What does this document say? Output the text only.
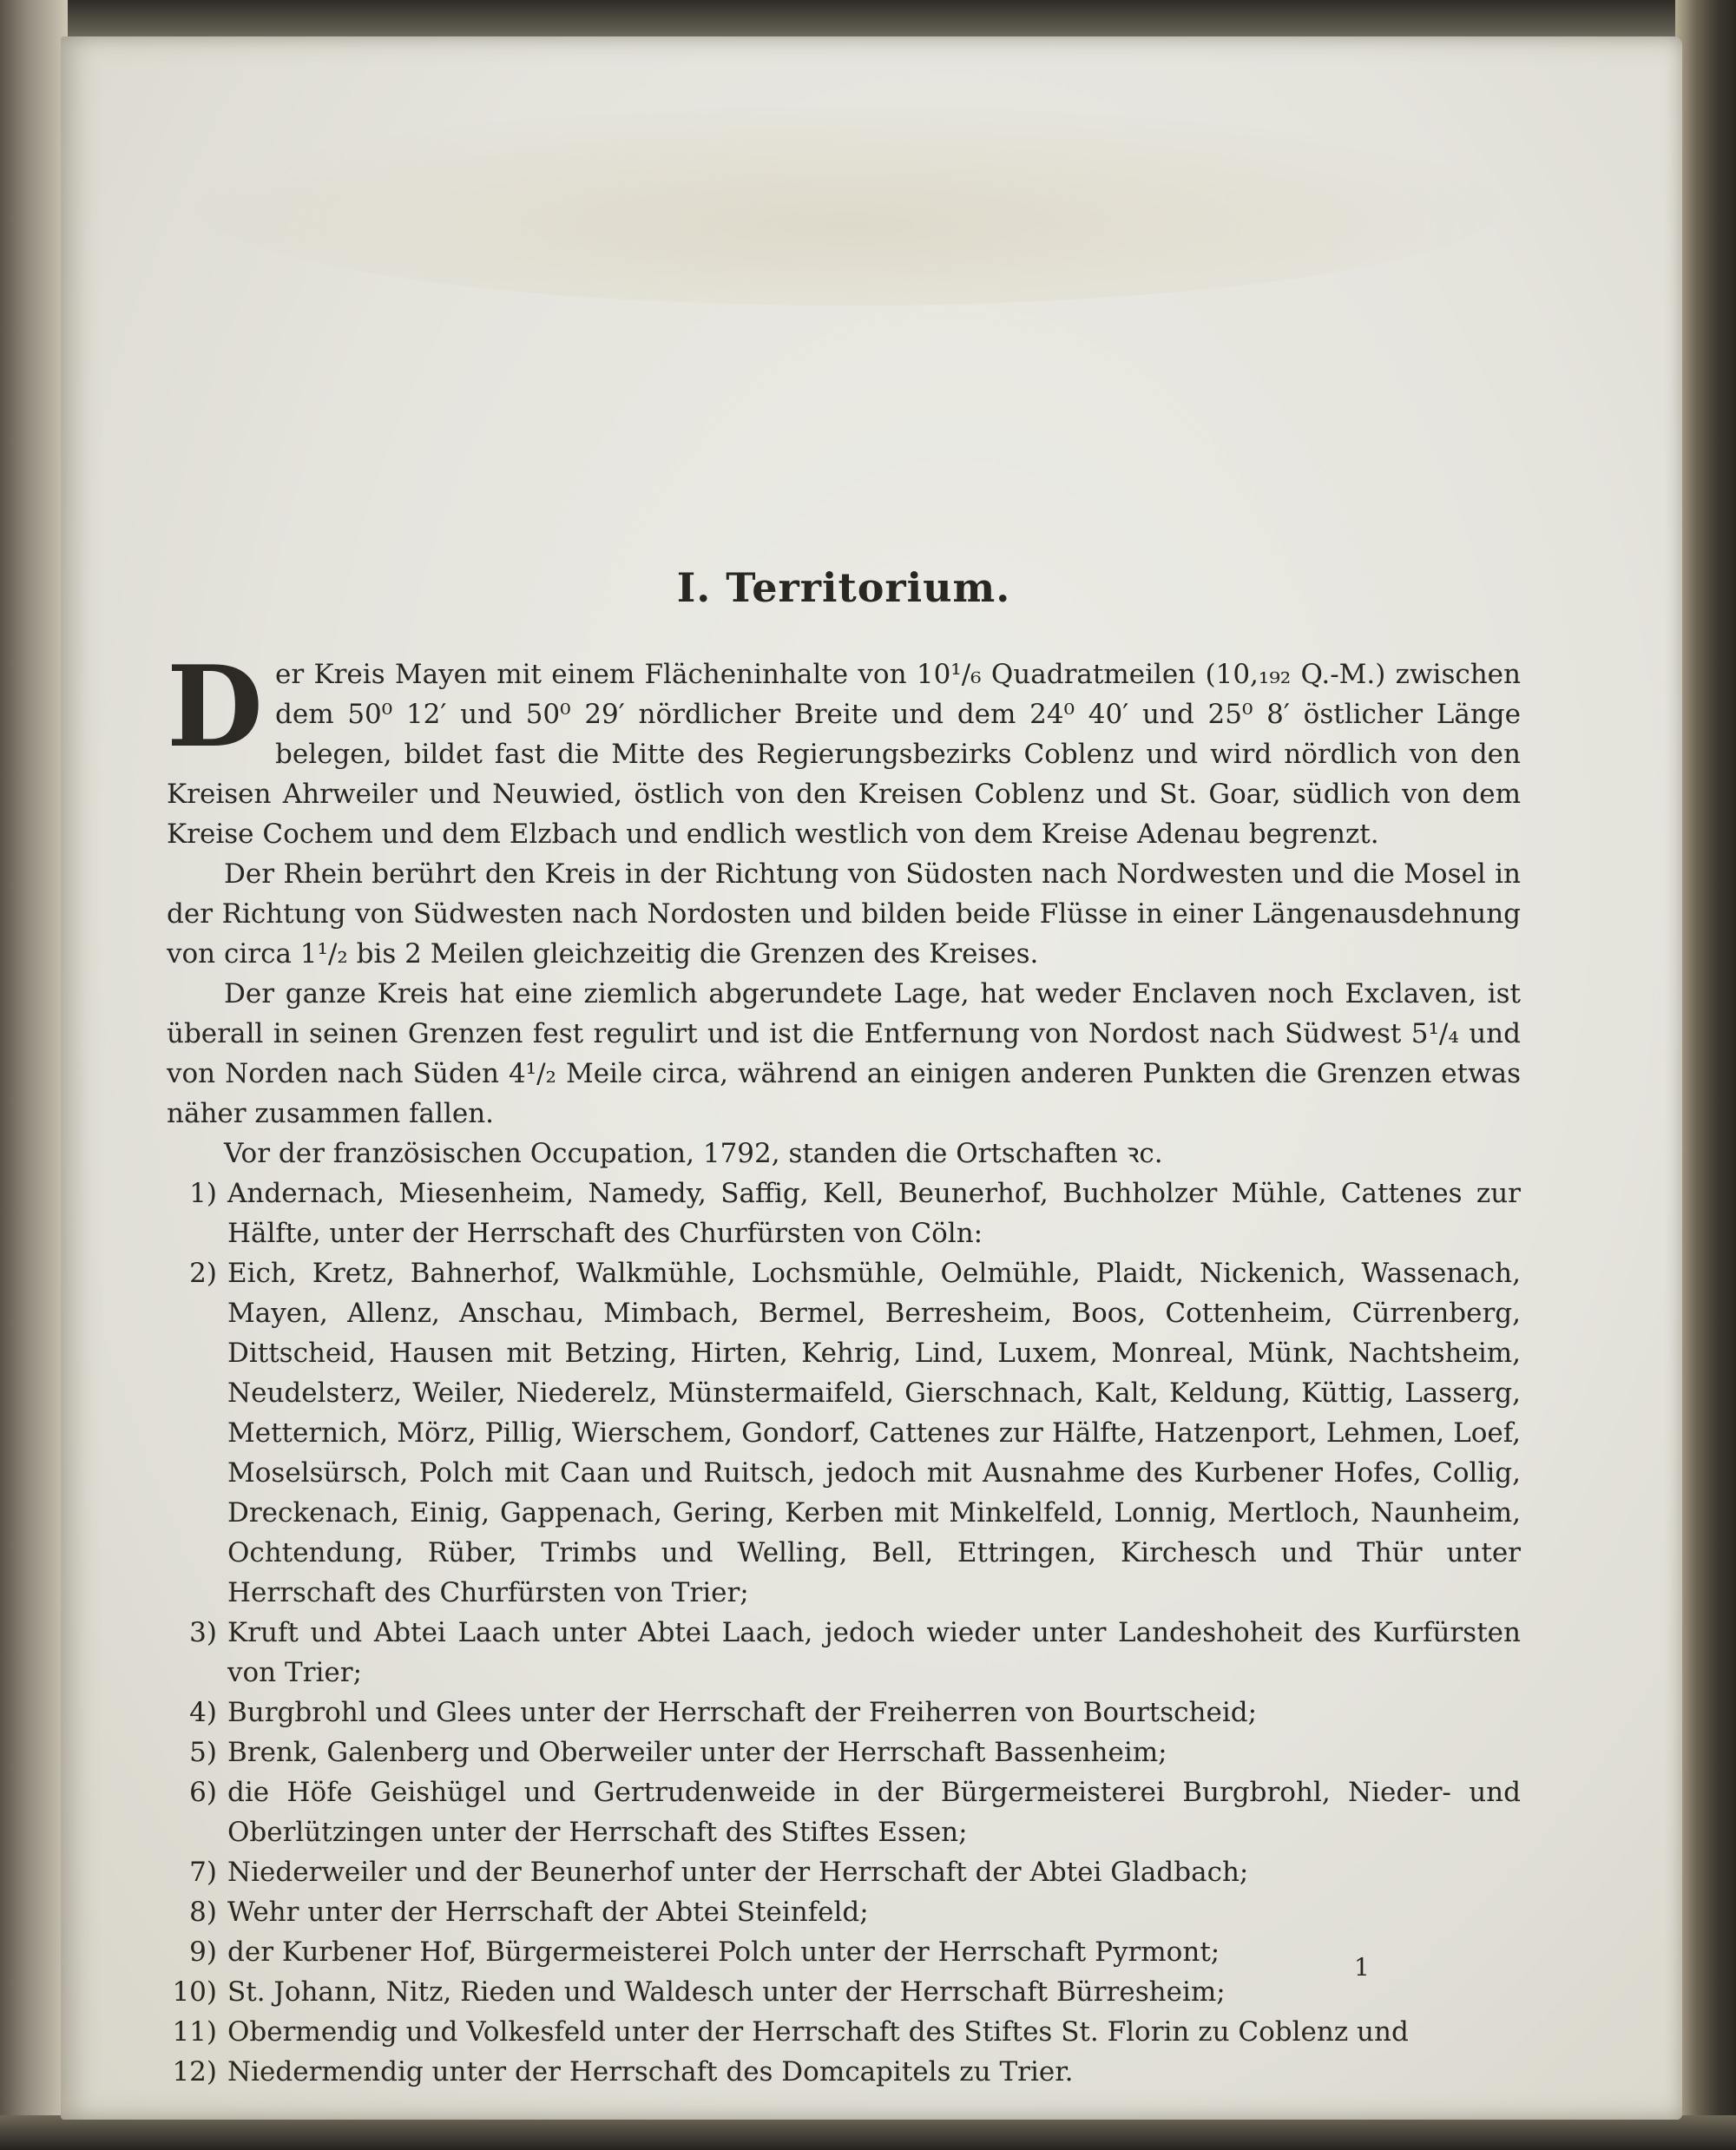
I. Territorium.

Der Kreis Mayen mit einem Flächeninhalte von 10¹/₆ Quadratmeilen (10,₁₉₂ Q.-M.) zwischen dem 50⁰ 12′ und 50⁰ 29′ nördlicher Breite und dem 24⁰ 40′ und 25⁰ 8′ östlicher Länge belegen, bildet fast die Mitte des Regierungsbezirks Coblenz und wird nördlich von den Kreisen Ahrweiler und Neuwied, östlich von den Kreisen Coblenz und St. Goar, südlich von dem Kreise Cochem und dem Elzbach und endlich westlich von dem Kreise Adenau begrenzt.

Der Rhein berührt den Kreis in der Richtung von Südosten nach Nordwesten und die Mosel in der Richtung von Südwesten nach Nordosten und bilden beide Flüsse in einer Längenausdehnung von circa 1¹/₂ bis 2 Meilen gleichzeitig die Grenzen des Kreises.

Der ganze Kreis hat eine ziemlich abgerundete Lage, hat weder Enclaven noch Exclaven, ist überall in seinen Grenzen fest regulirt und ist die Entfernung von Nordost nach Südwest 5¹/₄ und von Norden nach Süden 4¹/₂ Meile circa, während an einigen anderen Punkten die Grenzen etwas näher zusammen fallen.

Vor der französischen Occupation, 1792, standen die Ortschaften ꝛc.

1) Andernach, Miesenheim, Namedy, Saffig, Kell, Beunerhof, Buchholzer Mühle, Cattenes zur Hälfte, unter der Herrschaft des Churfürsten von Cöln:
2) Eich, Kretz, Bahnerhof, Walkmühle, Lochsmühle, Oelmühle, Plaidt, Nickenich, Wassenach, Mayen, Allenz, Anschau, Mimbach, Bermel, Berresheim, Boos, Cottenheim, Cürrenberg, Dittscheid, Hausen mit Betzing, Hirten, Kehrig, Lind, Luxem, Monreal, Münk, Nachtsheim, Neudelsterz, Weiler, Niederelz, Münstermaifeld, Gierschnach, Kalt, Keldung, Küttig, Lasserg, Metternich, Mörz, Pillig, Wierschem, Gondorf, Cattenes zur Hälfte, Hatzenport, Lehmen, Loef, Moselsürsch, Polch mit Caan und Ruitsch, jedoch mit Ausnahme des Kurbener Hofes, Collig, Dreckenach, Einig, Gappenach, Gering, Kerben mit Minkelfeld, Lonnig, Mertloch, Naunheim, Ochtendung, Rüber, Trimbs und Welling, Bell, Ettringen, Kirchesch und Thür unter Herrschaft des Churfürsten von Trier;
3) Kruft und Abtei Laach unter Abtei Laach, jedoch wieder unter Landeshoheit des Kurfürsten von Trier;
4) Burgbrohl und Glees unter der Herrschaft der Freiherren von Bourtscheid;
5) Brenk, Galenberg und Oberweiler unter der Herrschaft Bassenheim;
6) die Höfe Geishügel und Gertrudenweide in der Bürgermeisterei Burgbrohl, Nieder- und Oberlützingen unter der Herrschaft des Stiftes Essen;
7) Niederweiler und der Beunerhof unter der Herrschaft der Abtei Gladbach;
8) Wehr unter der Herrschaft der Abtei Steinfeld;
9) der Kurbener Hof, Bürgermeisterei Polch unter der Herrschaft Pyrmont;
10) St. Johann, Nitz, Rieden und Waldesch unter der Herrschaft Bürresheim;
11) Obermendig und Volkesfeld unter der Herrschaft des Stiftes St. Florin zu Coblenz und
12) Niedermendig unter der Herrschaft des Domcapitels zu Trier.
1
